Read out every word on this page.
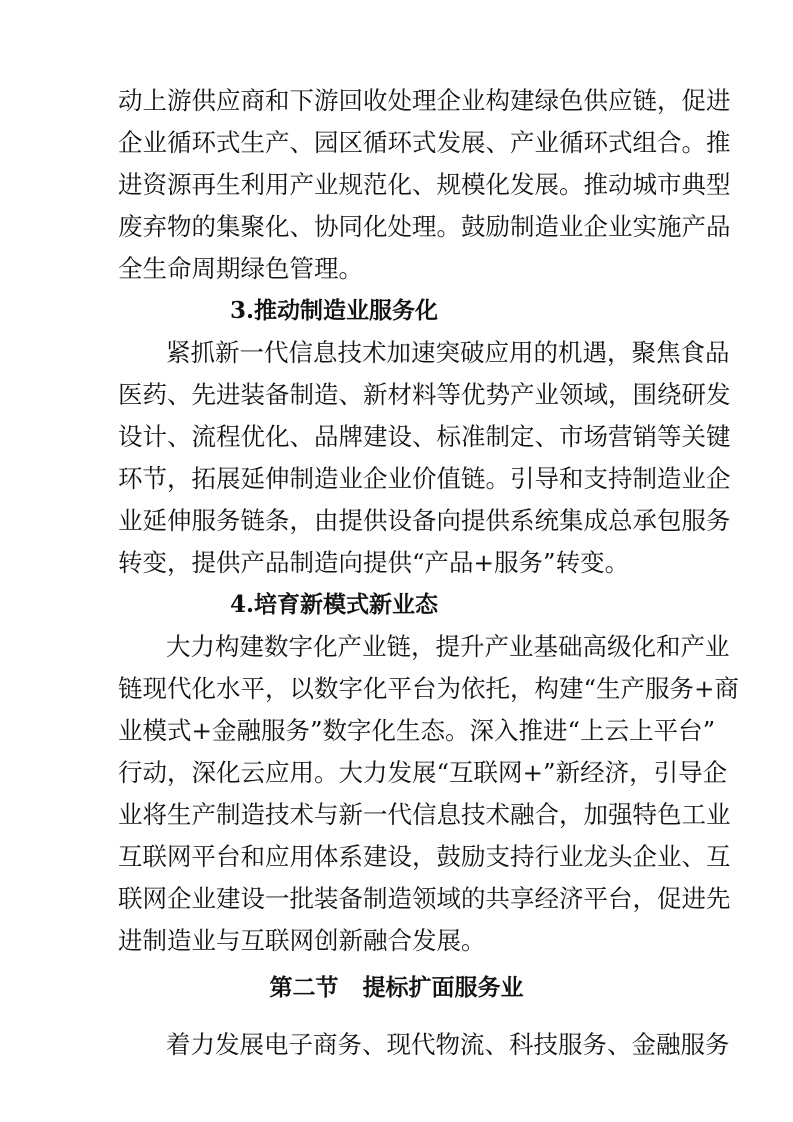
动上游供应商和下游回收处理企业构建绿色供应链，促进
企业循环式生产、园区循环式发展、产业循环式组合。推
进资源再生利用产业规范化、规模化发展。推动城市典型
废弃物的集聚化、协同化处理。鼓励制造业企业实施产品
全生命周期绿色管理。
3.推动制造业服务化
紧抓新一代信息技术加速突破应用的机遇，聚焦食品
医药、先进装备制造、新材料等优势产业领域，围绕研发
设计、流程优化、品牌建设、标准制定、市场营销等关键
环节，拓展延伸制造业企业价值链。引导和支持制造业企
业延伸服务链条，由提供设备向提供系统集成总承包服务
转变，提供产品制造向提供“产品+服务”转变。
4.培育新模式新业态
大力构建数字化产业链，提升产业基础高级化和产业
链现代化水平，以数字化平台为依托，构建“生产服务+商
业模式+金融服务”数字化生态。深入推进“上云上平台”
行动，深化云应用。大力发展“互联网+”新经济，引导企
业将生产制造技术与新一代信息技术融合，加强特色工业
互联网平台和应用体系建设，鼓励支持行业龙头企业、互
联网企业建设一批装备制造领域的共享经济平台，促进先
进制造业与互联网创新融合发展。
第二节 提标扩面服务业
着力发展电子商务、现代物流、科技服务、金融服务
